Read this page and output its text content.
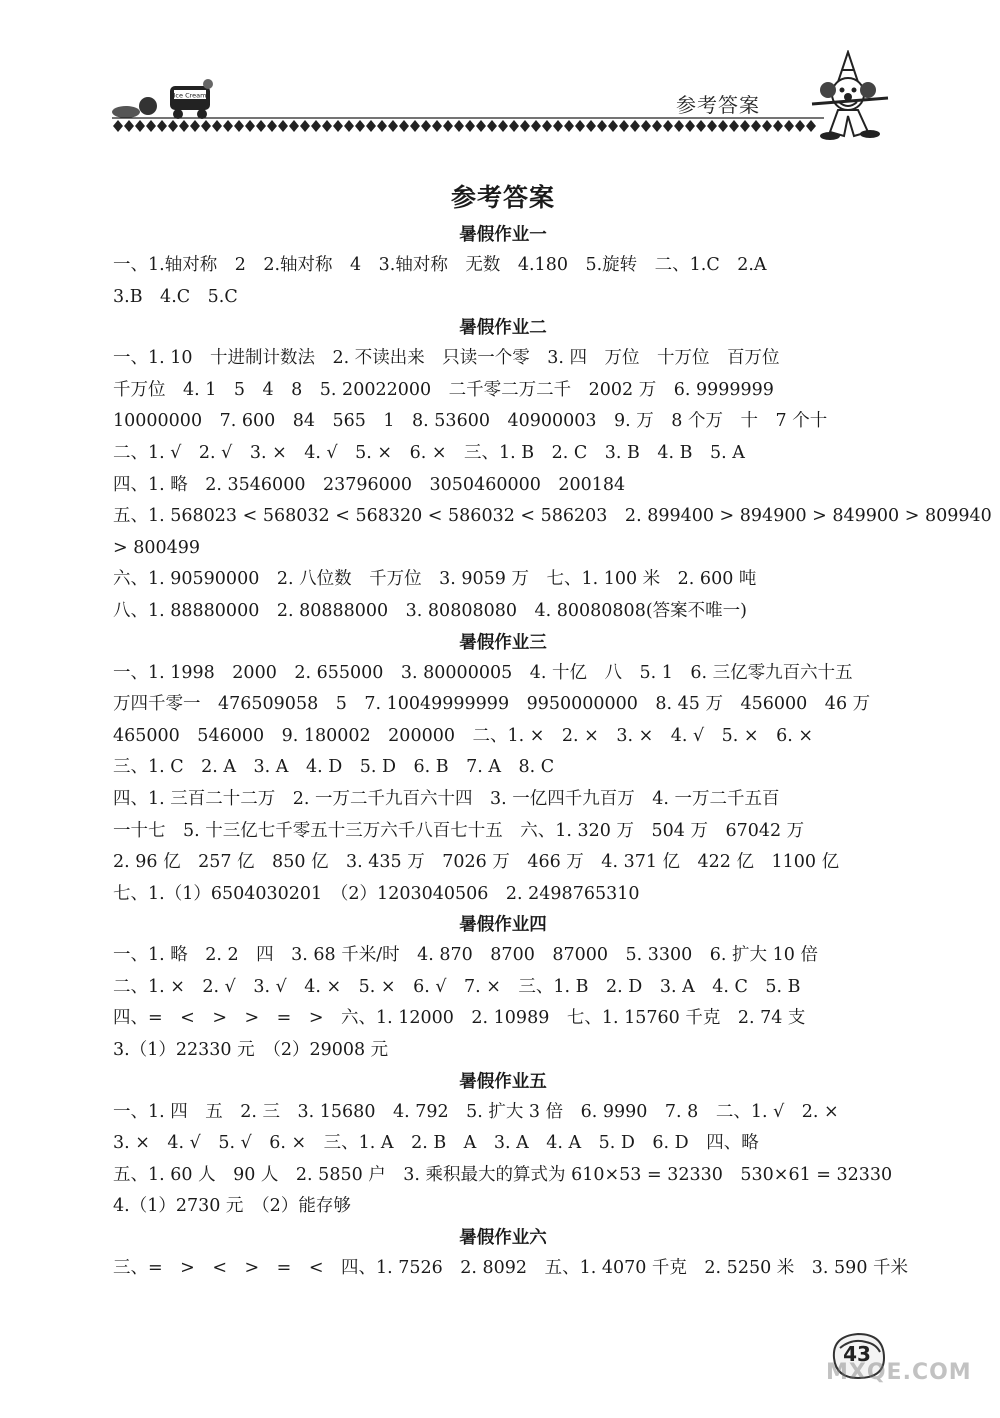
Ice Cream	参考答案
参考答案
暑假作业一
一、1.轴对称　2　2.轴对称　4　3.轴对称　无数　4.180　5.旋转　二、1.C　2.A
3.B　4.C　5.C
暑假作业二
一、1. 10　十进制计数法　2. 不读出来　只读一个零　3. 四　万位　十万位　百万位
千万位　4. 1　5　4　8　5. 20022000　二千零二万二千　2002 万　6. 9999999
10000000　7. 600　84　565　1　8. 53600　40900003　9. 万　8 个万　十　7 个十
二、1. √　2. √　3. ×　4. √　5. ×　6. ×　三、1. B　2. C　3. B　4. B　5. A
四、1. 略　2. 3546000　23796000　3050460000　200184
五、1. 568023 < 568032 < 568320 < 586032 < 586203　2. 899400 > 894900 > 849900 > 809940
> 800499
六、1. 90590000　2. 八位数　千万位　3. 9059 万　七、1. 100 米　2. 600 吨
八、1. 88880000　2. 80888000　3. 80808080　4. 80080808(答案不唯一)
暑假作业三
一、1. 1998　2000　2. 655000　3. 80000005　4. 十亿　八　5. 1　6. 三亿零九百六十五
万四千零一　476509058　5　7. 10049999999　9950000000　8. 45 万　456000　46 万
465000　546000　9. 180002　200000　二、1. ×　2. ×　3. ×　4. √　5. ×　6. ×
三、1. C　2. A　3. A　4. D　5. D　6. B　7. A　8. C
四、1. 三百二十二万　2. 一万二千九百六十四　3. 一亿四千九百万　4. 一万二千五百
一十七　5. 十三亿七千零五十三万六千八百七十五　六、1. 320 万　504 万　67042 万
2. 96 亿　257 亿　850 亿　3. 435 万　7026 万　466 万　4. 371 亿　422 亿　1100 亿
七、1.（1）6504030201　（2）1203040506　2. 2498765310
暑假作业四
一、1. 略　2. 2　四　3. 68 千米/时　4. 870　8700　87000　5. 3300　6. 扩大 10 倍
二、1. ×　2. √　3. √　4. ×　5. ×　6. √　7. ×　三、1. B　2. D　3. A　4. C　5. B
四、=　<　>　>　=　>　六、1. 12000　2. 10989　七、1. 15760 千克　2. 74 支
3.（1）22330 元　（2）29008 元
暑假作业五
一、1. 四　五　2. 三　3. 15680　4. 792　5. 扩大 3 倍　6. 9990　7. 8　二、1. √　2. ×
3. ×　4. √　5. √　6. ×　三、1. A　2. B　A　3. A　4. A　5. D　6. D　四、略
五、1. 60 人　90 人　2. 5850 户　3. 乘积最大的算式为 610×53 = 32330　530×61 = 32330
4.（1）2730 元　（2）能存够
暑假作业六
三、=　>　<　>　=　<　四、1. 7526　2. 8092　五、1. 4070 千克　2. 5250 米　3. 590 千米
43
MXQE.COM
